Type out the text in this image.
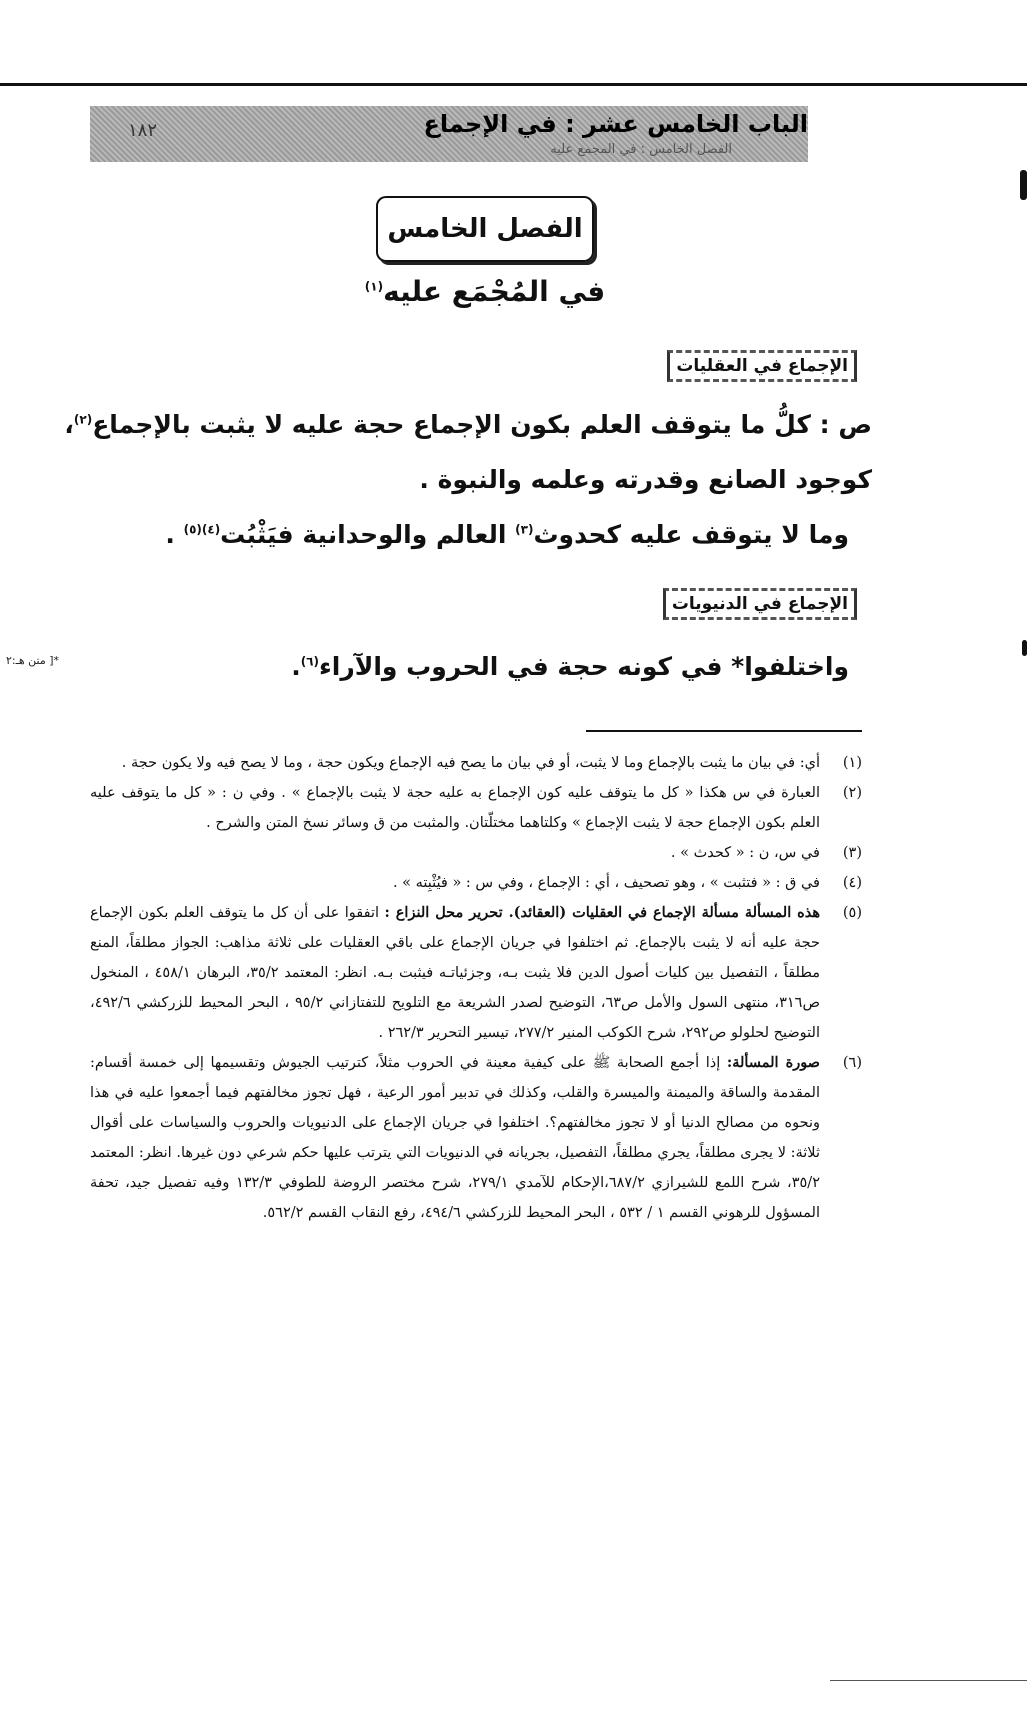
الباب الخامس عشر : في الإجماع
الفصل الخامس : في المجمع عليه
١٨٢
الفصل الخامس
في المُجْمَع عليه$^{(١)}$
الإجماع في العقليات
ص : كلُّ ما يتوقف العلم بكون الإجماع حجة عليه لا يثبت بالإجماع$^{(٢)}$،
كوجود الصانع وقدرته وعلمه والنبوة .
وما لا يتوقف عليه كحدوث$^{(٣)}$ العالم والوحدانية فيَثْبُت$^{(٤)(٥)}$ .
الإجماع في الدنيويات
واختلفوا* في كونه حجة في الحروب والآراء$^{(٦)}$.
*[ متن هـ:٢

(١)أي: في بيان ما يثبت بالإجماع وما لا يثبت، أو في بيان ما يصح فيه الإجماع ويكون حجة ، وما لا يصح فيه ولا يكون حجة .

(٢)العبارة في س هكذا « كل ما يتوقف عليه كون الإجماع به عليه حجة لا يثبت بالإجماع » . وفي ن : « كل ما يتوقف عليه العلم بكون الإجماع حجة لا يثبت الإجماع » وكلتاهما مختلّتان. والمثبت من ق وسائر نسخ المتن والشرح .

(٣)في س، ن : « كحدث » .

(٤)في ق : « فتثبت » ، وهو تصحيف ، أي : الإجماع ، وفي س : « فيُثْبِته » .

(٥)هذه المسألة مسألة الإجماع في العقليات (العقائد). تحرير محل النزاع : اتفقوا على أن كل ما يتوقف العلم بكون الإجماع حجة عليه أنه لا يثبت بالإجماع. ثم اختلفوا في جريان الإجماع على باقي العقليات على ثلاثة مذاهب: الجواز مطلقاً، المنع مطلقاً ، التفصيل بين كليات أصول الدين فلا يثبت بـه، وجزئياتـه فيثبت بـه. انظر: المعتمد ٣٥/٢، البرهان ٤٥٨/١ ، المنخول ص٣١٦، منتهى السول والأمل ص٦٣، التوضيح لصدر الشريعة مع التلويح للتفتازاني ٩٥/٢ ، البحر المحيط للزركشي ٤٩٢/٦، التوضيح لحلولو ص٢٩٢، شرح الكوكب المنير ٢٧٧/٢، تيسير التحرير ٢٦٢/٣ .

(٦)صورة المسألة: إذا أجمع الصحابة ﷺ على كيفية معينة في الحروب مثلاً، كترتيب الجيوش وتقسيمها إلى خمسة أقسام: المقدمة والساقة والميمنة والميسرة والقلب، وكذلك في تدبير أمور الرعية ، فهل تجوز مخالفتهم فيما أجمعوا عليه في هذا ونحوه من مصالح الدنيا أو لا تجوز مخالفتهم؟. اختلفوا في جريان الإجماع على الدنيويات والحروب والسياسات على أقوال ثلاثة: لا يجرى مطلقاً، يجري مطلقاً، التفصيل، بجريانه في الدنيويات التي يترتب عليها حكم شرعي دون غيرها. انظر: المعتمد ٣٥/٢، شرح اللمع للشيرازي ٦٨٧/٢،الإحكام للآمدي ٢٧٩/١، شرح مختصر الروضة للطوفي ١٣٢/٣ وفيه تفصيل جيد، تحفة المسؤول للرهوني القسم ١ / ٥٣٢ ، البحر المحيط للزركشي ٤٩٤/٦، رفع النقاب القسم ٥٦٢/٢.
